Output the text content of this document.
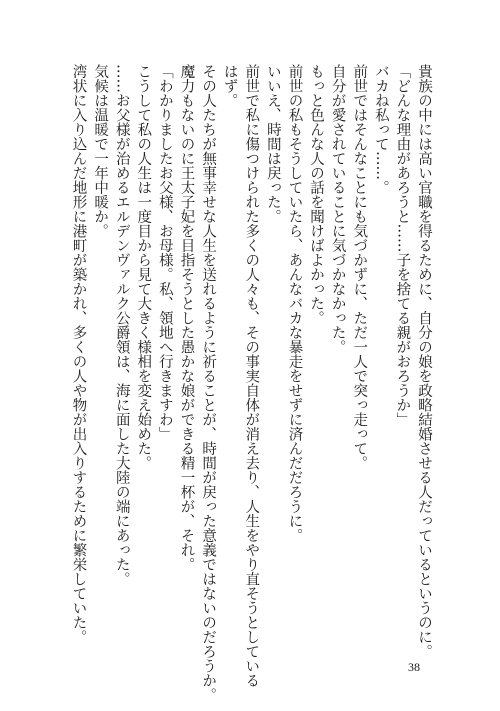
貴族の中には高い官職を得るために、自分の娘を政略結婚させる人だっているというのに。
「どんな理由があろうと……子を捨てる親がおろうか」
バカね私って……。
前世ではそんなことにも気づかずに、ただ一人で突っ走って。
自分が愛されていることに気づかなかった。
もっと色んな人の話を聞けばよかった。
前世の私もそうしていたら、あんなバカな暴走をせずに済んだだろうに。
いいえ、時間は戻った。
前世で私に傷つけられた多くの人々も、その事実自体が消え去り、人生をやり直そうとしている
はず。
その人たちが無事幸せな人生を送れるように祈ることが、時間が戻った意義ではないのだろうか。
魔力もないのに王太子妃を目指そうとした愚かな娘ができる精一杯が、それ。
「わかりましたお父様、お母様。私、領地へ行きますわ」
こうして私の人生は一度目から見て大きく様相を変え始めた。
……お父様が治めるエルデンヴァルク公爵領は、海に面した大陸の端にあった。
気候は温暖で一年中暖か。
湾状に入り込んだ地形に港町が築かれ、多くの人や物が出入りするために繁栄していた。
38
